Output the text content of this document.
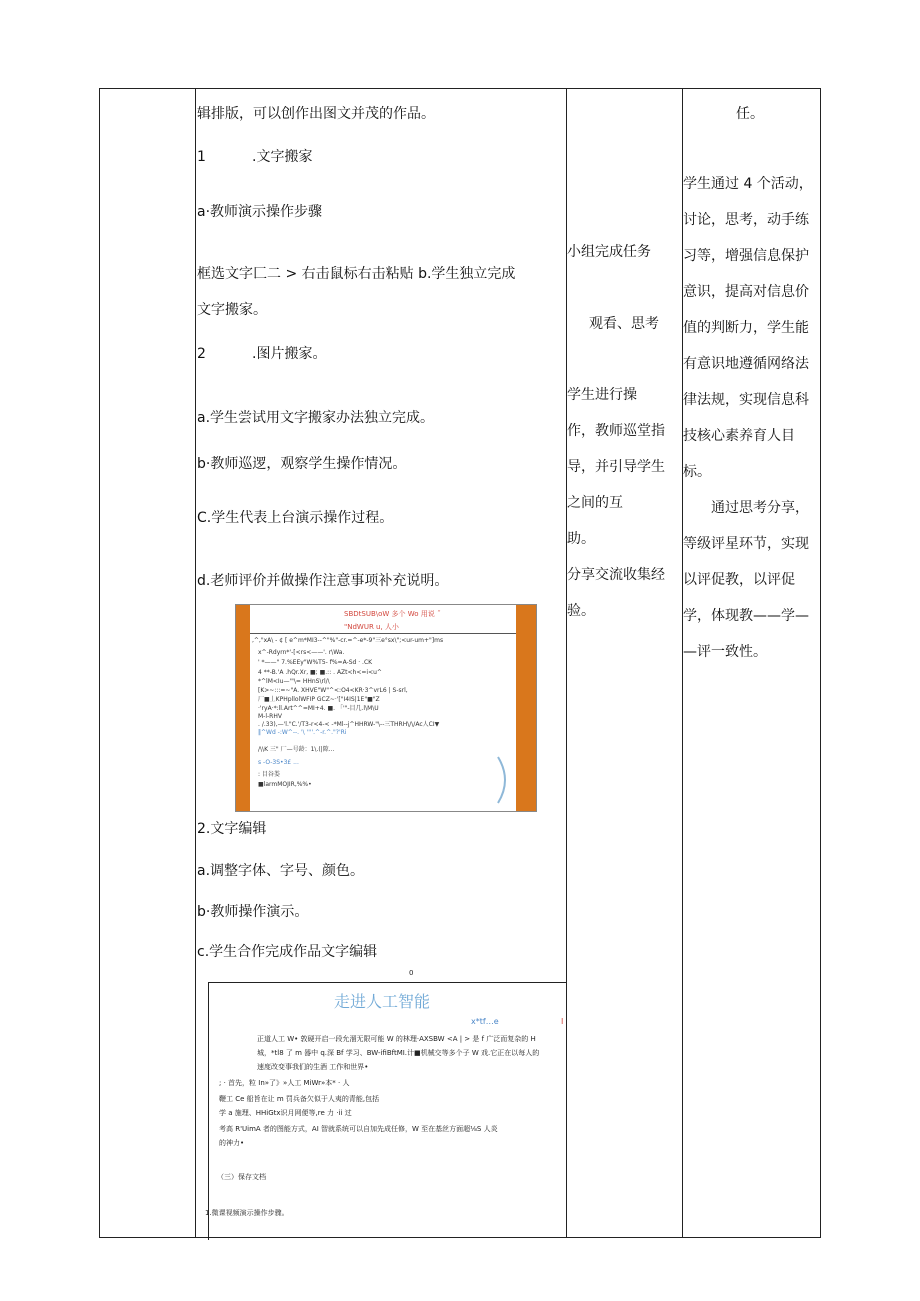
辑排版，可以创作出图文并茂的作品。
1	.文字搬家
a·教师演示操作步骤
框选文字匚二 > 右击鼠标右击粘贴 b.学生独立完成
文字搬家。
2	.图片搬家。
a.学生尝试用文字搬家办法独立完成。
b·教师巡逻，观察学生操作情况。
C.学生代表上台演示操作过程。
d.老师评价并做操作注意事项补充说明。
SBDtSUB\oW 多个 Wo 用说 ˝
"NdWUR u, 人小
‚^‚"xA\ - ¢ [ e^m*MI3--^"%"-cr.=^-e*-9"三e°sx\";<ur-um+"]ms
x^-Rdyrn*'-[<rs<——'. r\Wa.
' *——" 7.%EEy"W%T5- f%=A-Sd · .CK
4 **-B.'A .hQr.Xr, ■; ■.:: . AZt<h<=i<u^
*^lM<Iu—'"\= HHnS\rl/\
[K>~:::=~"A. XHVE"W"^<:O4<KR·3^vrL6 | S-srl,
厂■丄KPHpllolWFIP GCZ~·'["I4IS|1E"■"Z
·'ryA·*:ll.Art^^=MI+4. ■. 「'"-目几.l\M\U
M-l-RHV
. /.33),—'l."C.'/T3-r<4-< -*Ml--j^HHRW-"\--三THRH\/\/Ac人CI▼
‖^Wd -:W^--. '\ ''''.^-r.^."?'Ri
/\\K 三" 厂—号龄：1\.(|隙...
s -O-3S•3£ ...
: 目谷娄
■larmMOJIR,%%•
2.文字编辑
a.调整字体、字号、颜色。
b·教师操作演示。
c.学生合作完成作品文字编辑
0
走进人工智能
x*tf…e	I
正道人工 W• 敦硬开启一段允溜无限可能 W 的林理·AXSBW <A | > 是 f 广泛而复杂的 H
城，*tl8 了 m 器中 q.深 Bf 学习、BW-ifiBftMI.计■机械交等多个子 W 戏.它正在以每人的
速度改变事我们的生酒 工作和世界•
; · 首先，粒 In»了》»人工 MiWr»本* · 人
鞭工 Ce 船旨在让 m 罚兵备欠似于人夷的青能,包括
学 a 施理、HHiGtx识月网便等,re 力 ·ii 过
考高 R'UimA 者的图能方式，AI 智就系统可以自加先成任修，W 至在基丝方面超⅛S 人炎
的神力•
（三）保存文档
1.微课视频演示操作步骤。
小组完成任务
观看、思考
学生进行操
作，教师巡堂指
导，并引导学生
之间的互
助。
分享交流收集经
验。
任。
学生通过 4 个活动，
讨论，思考，动手练
习等，增强信息保护
意识，提高对信息价
值的判断力，学生能
有意识地遵循网络法
律法规，实现信息科
技核心素养育人目
标。
通过思考分享，
等级评星环节，实现
以评促教，以评促
学，体现教——学—
—评一致性。
